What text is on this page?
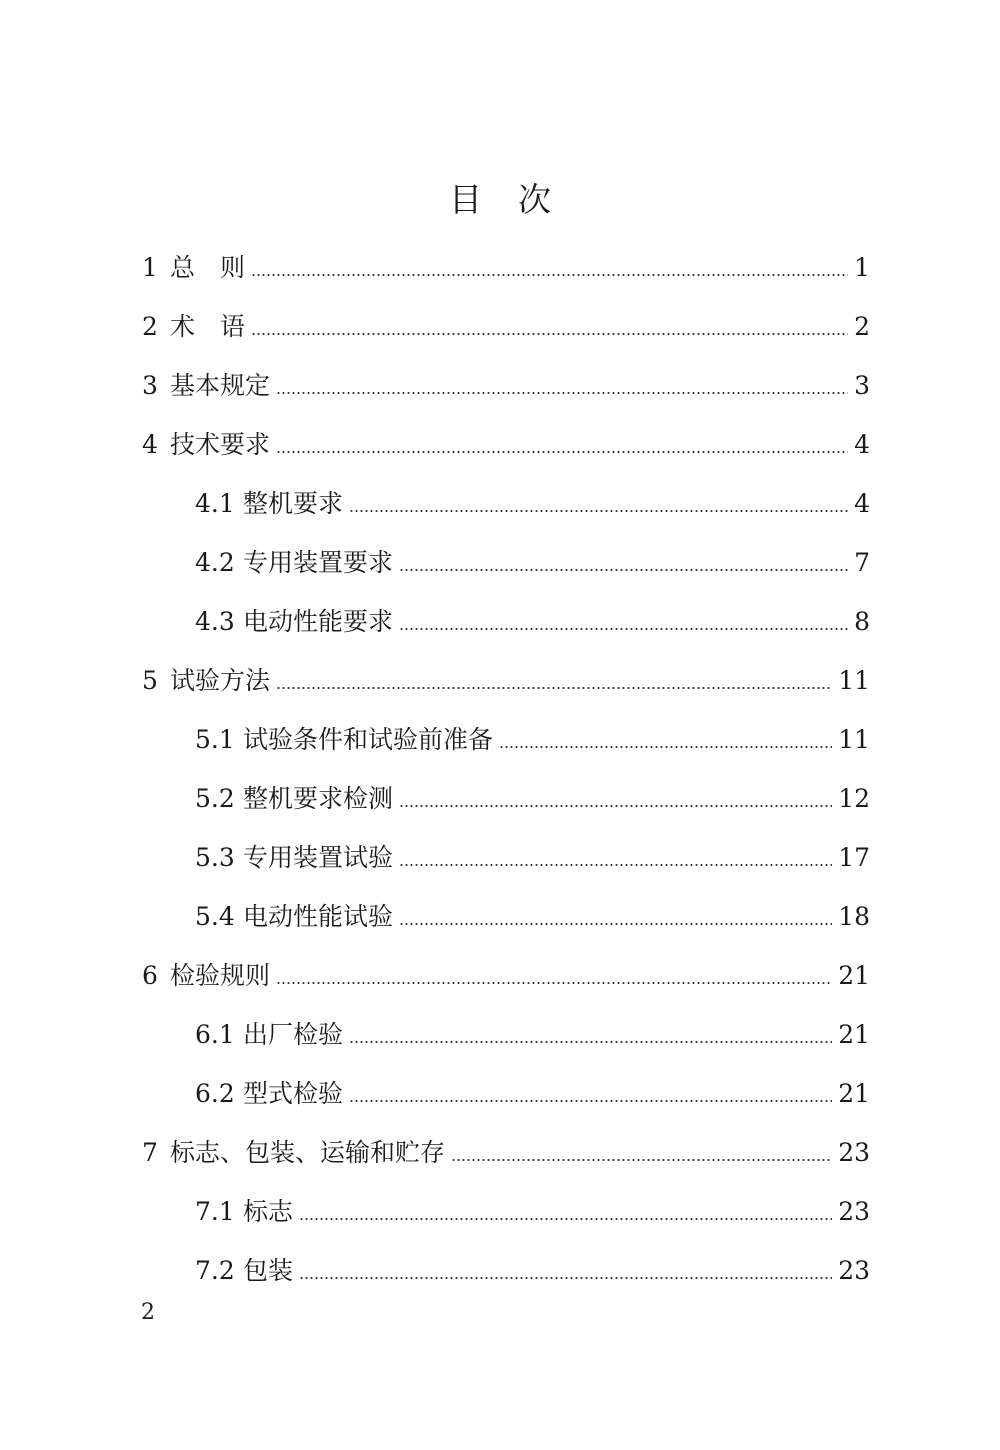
目 次
1 总　则	1
2 术　语	2
3 基本规定	3
4 技术要求	4
4.1 整机要求	4
4.2 专用装置要求	7
4.3 电动性能要求	8
5 试验方法	11
5.1 试验条件和试验前准备	11
5.2 整机要求检测	12
5.3 专用装置试验	17
5.4 电动性能试验	18
6 检验规则	21
6.1 出厂检验	21
6.2 型式检验	21
7 标志、包装、运输和贮存	23
7.1 标志	23
7.2 包装	23
2
